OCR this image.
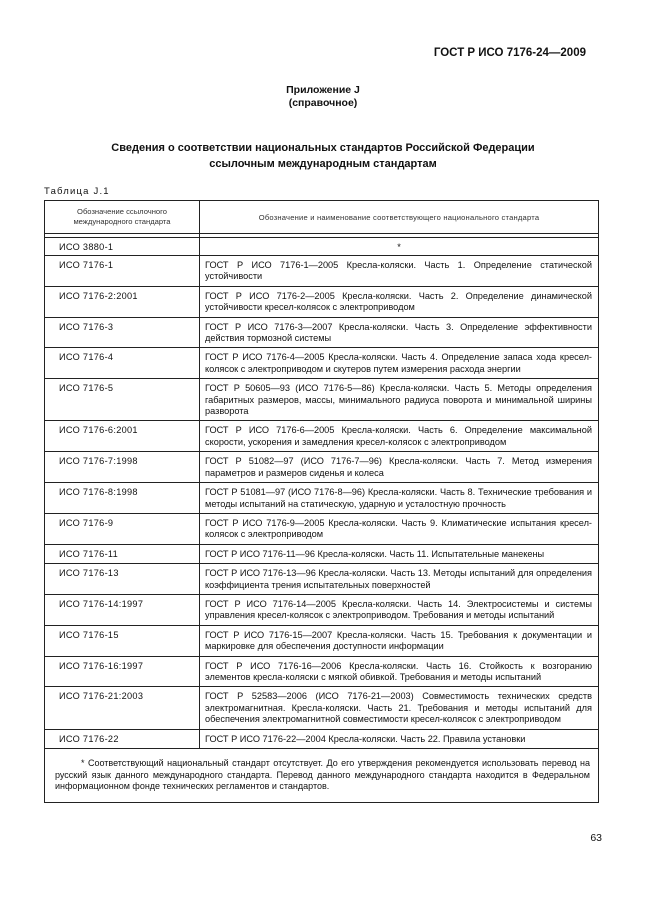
ГОСТ Р ИСО 7176-24—2009
Приложение J
(справочное)
Сведения о соответствии национальных стандартов Российской Федерации
ссылочным международным стандартам
Таблица J.1
Обозначение ссылочного
международного стандарта	Обозначение и наименование соответствующего национального стандарта

ИСО 3880-1	*
ИСО 7176-1	ГОСТ Р ИСО 7176-1—2005 Кресла-коляски. Часть 1. Определение статической устойчивости
ИСО 7176-2:2001	ГОСТ Р ИСО 7176-2—2005 Кресла-коляски. Часть 2. Определение динамической устойчивости кресел-колясок с электроприводом
ИСО 7176-3	ГОСТ Р ИСО 7176-3—2007 Кресла-коляски. Часть 3. Определение эффективности действия тормозной системы
ИСО 7176-4	ГОСТ Р ИСО 7176-4—2005 Кресла-коляски. Часть 4. Определение запаса хода кресел-колясок с электроприводом и скутеров путем измерения расхода энергии
ИСО 7176-5	ГОСТ Р 50605—93 (ИСО 7176-5—86) Кресла-коляски. Часть 5. Методы определения габаритных размеров, массы, минимального радиуса поворота и минимальной ширины разворота
ИСО 7176-6:2001	ГОСТ Р ИСО 7176-6—2005 Кресла-коляски. Часть 6. Определение максимальной скорости, ускорения и замедления кресел-колясок с электроприводом
ИСО 7176-7:1998	ГОСТ Р 51082—97 (ИСО 7176-7—96) Кресла-коляски. Часть 7. Метод измерения параметров и размеров сиденья и колеса
ИСО 7176-8:1998	ГОСТ Р 51081—97 (ИСО 7176-8—96) Кресла-коляски. Часть 8. Технические требования и методы испытаний на статическую, ударную и усталостную прочность
ИСО 7176-9	ГОСТ Р ИСО 7176-9—2005 Кресла-коляски. Часть 9. Климатические испытания кресел-колясок с электроприводом
ИСО 7176-11	ГОСТ Р ИСО 7176-11—96 Кресла-коляски. Часть 11. Испытательные манекены
ИСО 7176-13	ГОСТ Р ИСО 7176-13—96 Кресла-коляски. Часть 13. Методы испытаний для определения коэффициента трения испытательных поверхностей
ИСО 7176-14:1997	ГОСТ Р ИСО 7176-14—2005 Кресла-коляски. Часть 14. Электросистемы и системы управления кресел-колясок с электроприводом. Требования и методы испытаний
ИСО 7176-15	ГОСТ Р ИСО 7176-15—2007 Кресла-коляски. Часть 15. Требования к документации и маркировке для обеспечения доступности информации
ИСО 7176-16:1997	ГОСТ Р ИСО 7176-16—2006 Кресла-коляски. Часть 16. Стойкость к возгоранию элементов кресла-коляски с мягкой обивкой. Требования и методы испытаний
ИСО 7176-21:2003	ГОСТ Р 52583—2006 (ИСО 7176-21—2003) Совместимость технических средств электромагнитная. Кресла-коляски. Часть 21. Требования и методы испытаний для обеспечения электромагнитной совместимости кресел-колясок с электроприводом
ИСО 7176-22	ГОСТ Р ИСО 7176-22—2004 Кресла-коляски. Часть 22. Правила установки
* Соответствующий национальный стандарт отсутствует. До его утверждения рекомендуется использовать перевод на русский язык данного международного стандарта. Перевод данного международного стандарта находится в Федеральном информационном фонде технических регламентов и стандартов.	
63
